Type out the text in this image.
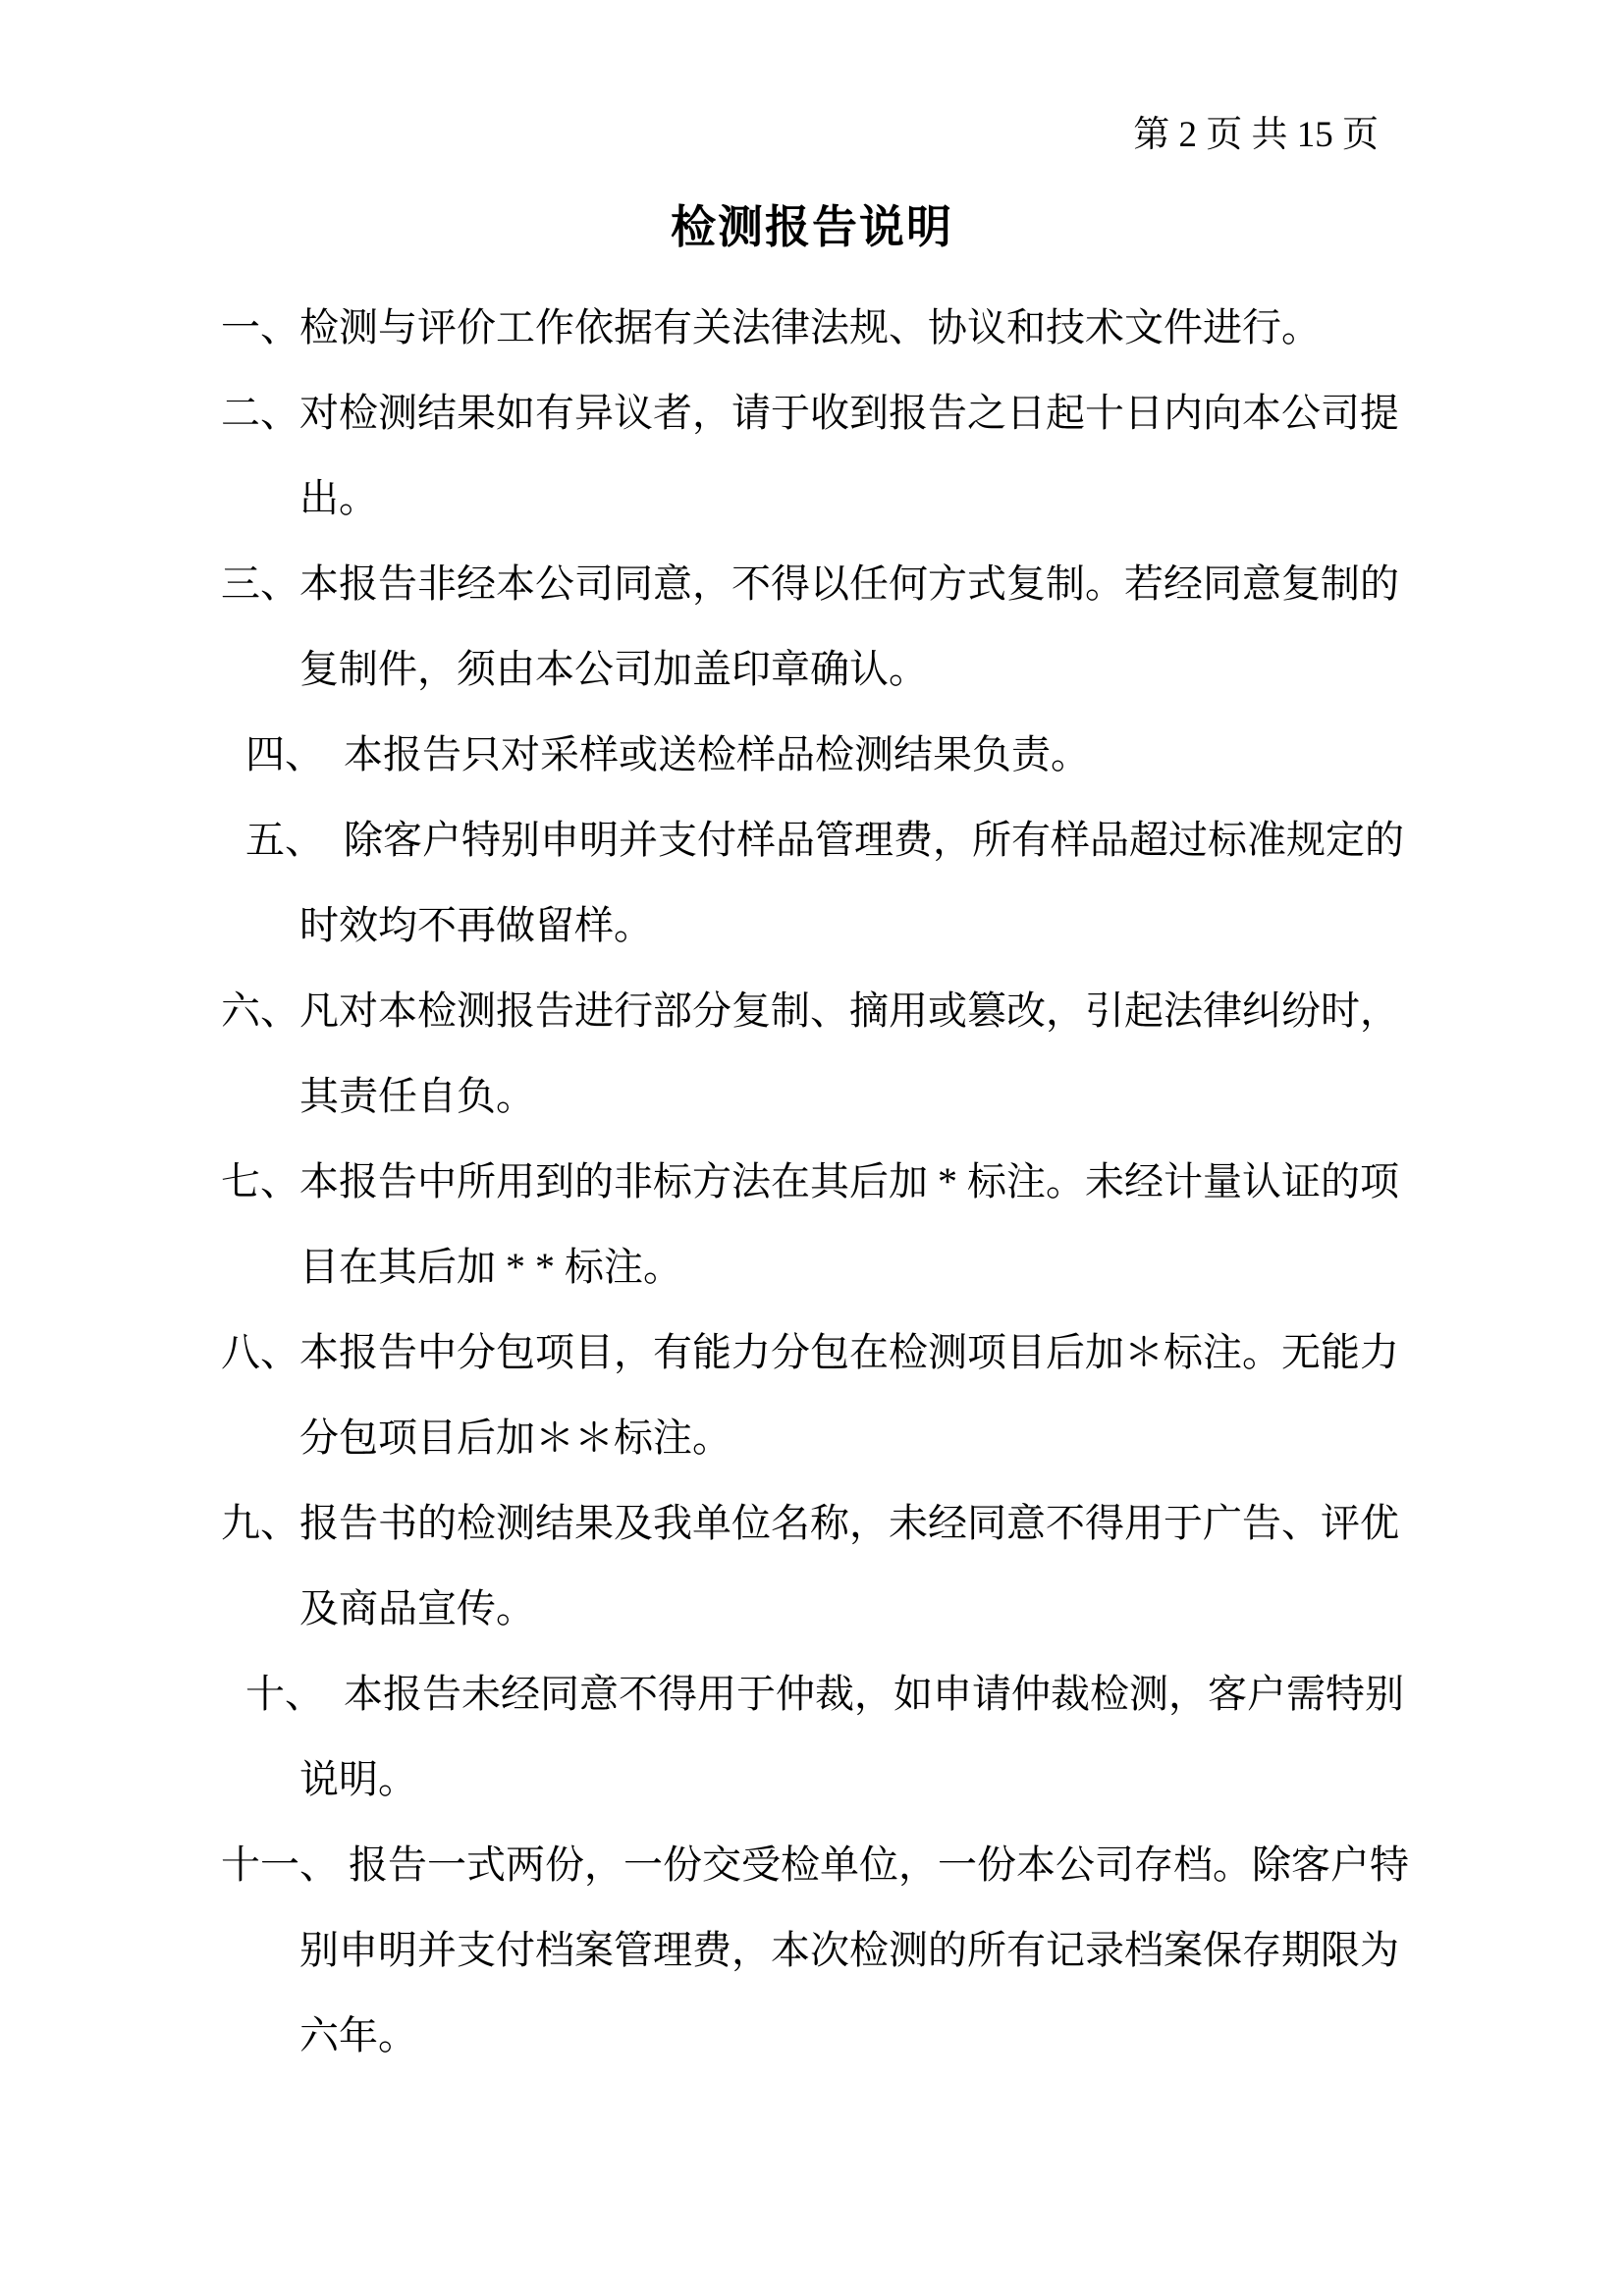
第 2 页 共 15 页
检测报告说明
一、检测与评价工作依据有关法律法规、协议和技术文件进行。
二、对检测结果如有异议者，请于收到报告之日起十日内向本公司提
出。
三、本报告非经本公司同意，不得以任何方式复制。若经同意复制的
复制件，须由本公司加盖印章确认。
四、　本报告只对采样或送检样品检测结果负责。
五、　除客户特别申明并支付样品管理费，所有样品超过标准规定的
时效均不再做留样。
六、凡对本检测报告进行部分复制、摘用或篡改，引起法律纠纷时，
其责任自负。
七、本报告中所用到的非标方法在其后加 * 标注。未经计量认证的项
目在其后加 * * 标注。
八、本报告中分包项目，有能力分包在检测项目后加＊标注。无能力
分包项目后加＊＊标注。
九、报告书的检测结果及我单位名称，未经同意不得用于广告、评优
及商品宣传。
十、　本报告未经同意不得用于仲裁，如申请仲裁检测，客户需特别
说明。
十一、 报告一式两份，一份交受检单位，一份本公司存档。除客户特
别申明并支付档案管理费，本次检测的所有记录档案保存期限为
六年。
